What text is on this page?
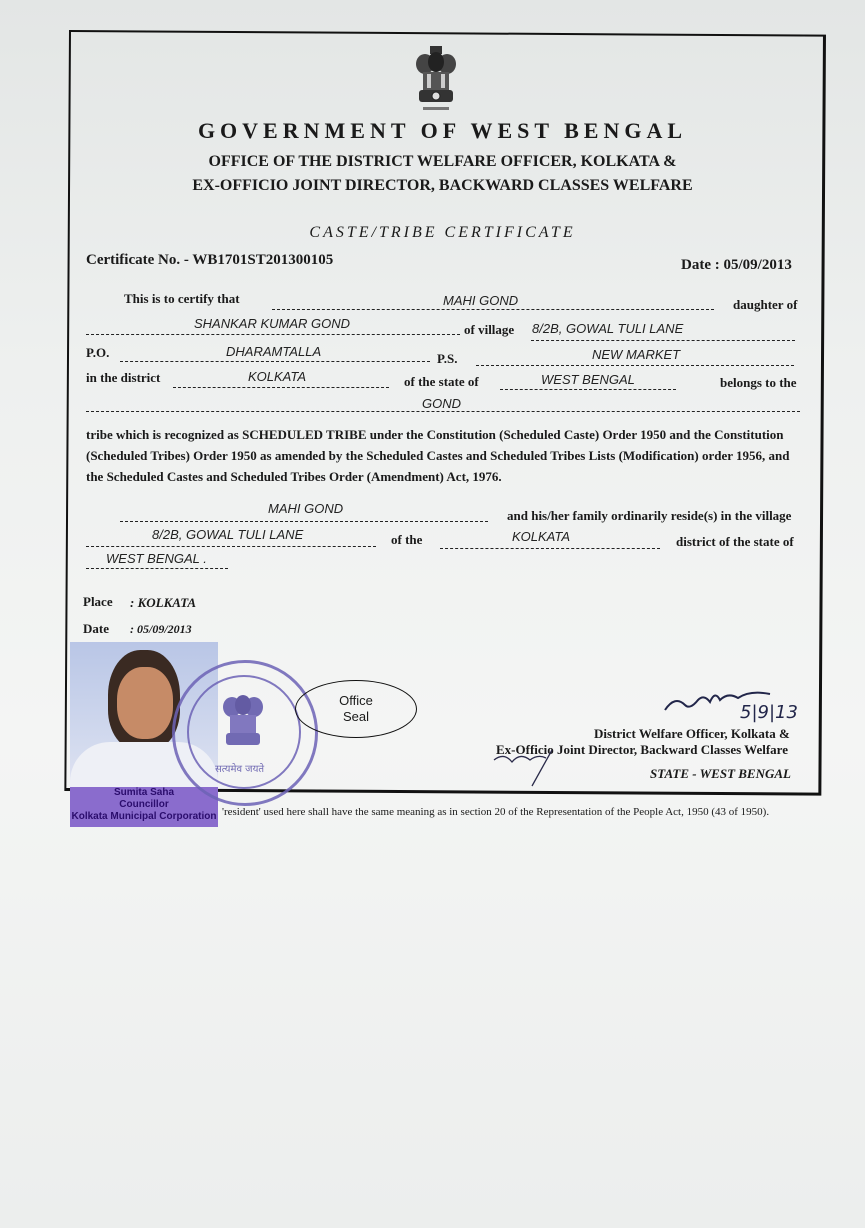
GOVERNMENT OF WEST BENGAL
OFFICE OF THE DISTRICT WELFARE OFFICER, KOLKATA &
EX-OFFICIO JOINT DIRECTOR, BACKWARD CLASSES WELFARE
CASTE/TRIBE CERTIFICATE
Certificate No. - WB1701ST201300105	Date : 05/09/2013
This is to certify that	MAHI GOND	daughter of
SHANKAR KUMAR GOND	of village 8/2B, GOWAL TULI LANE
P.O.	DHARAMTALLA	P.S.	NEW MARKET
in the district	KOLKATA	of the state of	WEST BENGAL	belongs to the
GOND
tribe which is recognized as SCHEDULED TRIBE under the Constitution (Scheduled Caste) Order 1950 and the Constitution (Scheduled Tribes) Order 1950 as amended by the Scheduled Castes and Scheduled Tribes Lists (Modification) order 1956, and the Scheduled Castes and Scheduled Tribes Order (Amendment) Act, 1976.
MAHI GOND	and his/her family ordinarily reside(s) in the village
8/2B, GOWAL TULI LANE	of the	KOLKATA	district of the state of
WEST BENGAL .
Place : KOLKATA
Date : 05/09/2013
Sumita Saha
Councillor
Kolkata Municipal Corporation
सत्यमेव जयते
Office
Seal	5|9|13
District Welfare Officer, Kolkata &
Ex-Officio Joint Director, Backward Classes Welfare
STATE - WEST BENGAL
'resident' used here shall have the same meaning as in section 20 of the Representation of the People Act, 1950 (43 of 1950).
